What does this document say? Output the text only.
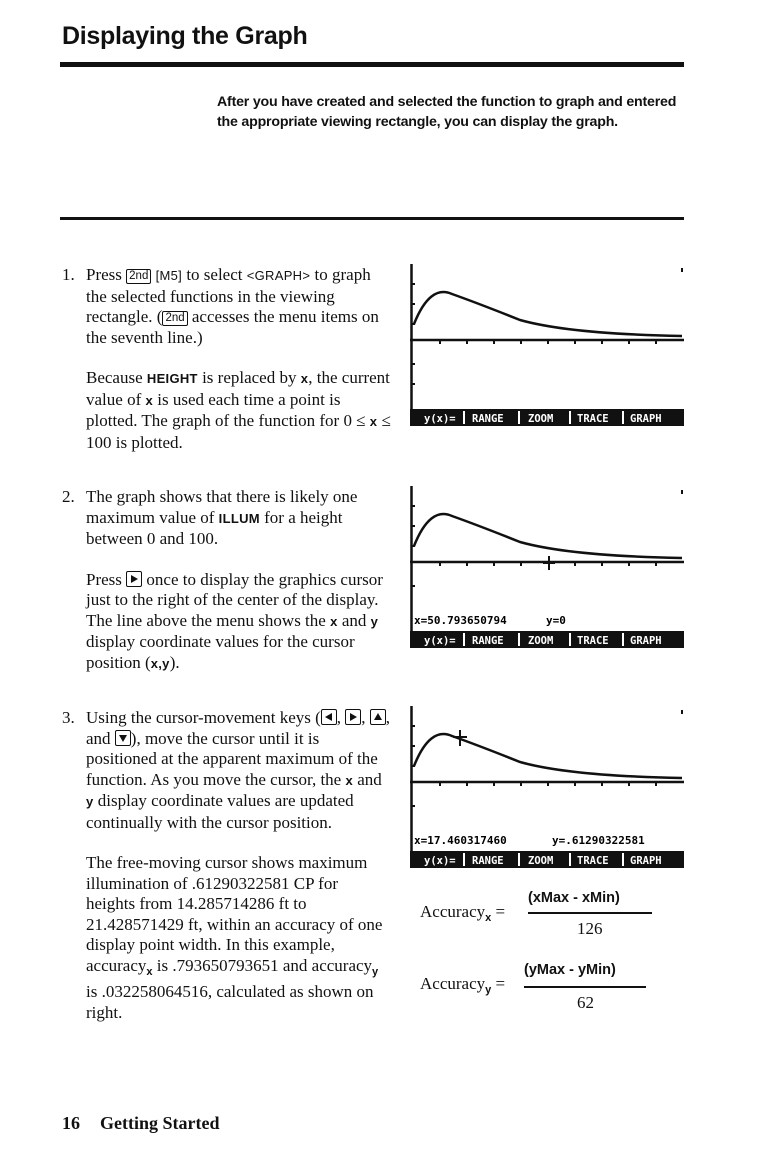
Displaying the Graph
After you have created and selected the function to graph and entered the appropriate viewing rectangle, you can display the graph.
1. Press 2nd [M5] to select <GRAPH> to graph the selected functions in the viewing rectangle. ( 2nd accesses the menu items on the seventh line.)

Because HEIGHT is replaced by x, the current value of x is used each time a point is plotted. The graph of the function for 0 ≤ x ≤ 100 is plotted.

2. The graph shows that there is likely one maximum value of ILLUM for a height between 0 and 100.

Press
once to display the graphics cursor just to the right of the center of the display. The line above the menu shows the x and y display coordinate values for the cursor position (x,y).

3. Using the cursor-movement keys ( ,
,
, and
), move the cursor until it is positioned at the apparent maximum of the function. As you move the cursor, the x and y display coordinate values are updated continually with the cursor position.

The free-moving cursor shows maximum illumination of .61290322581 CP for heights from 14.285714286 ft to 21.428571429 ft, within an accuracy of one display point width. In this example, accuracy$_x$ is .793650793651 and accuracy$_y$ is .032258064516, calculated as shown on right.

y(x)= RANGE ZOOM TRACE GRAPH
x=50.793650794	y=0
y(x)= RANGE ZOOM TRACE GRAPH
x=17.460317460	y=.61290322581
y(x)= RANGE ZOOM TRACE GRAPH
Accuracy$_x$ =
(xMax - xMin)
126
Accuracy$_y$ =
(yMax - yMin)
62
16 Getting Started
